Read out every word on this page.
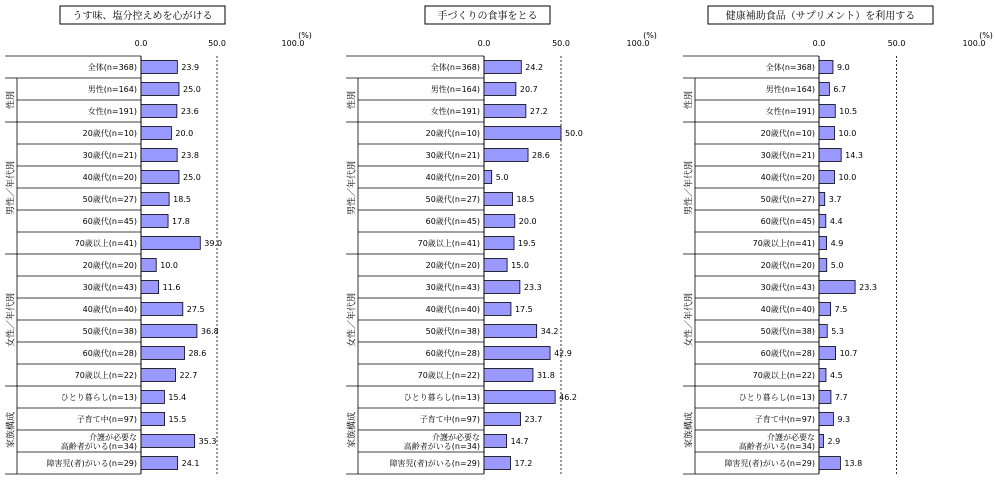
うす味、塩分控えめを心がける
0.0	50.0	100.0
(%)
性別
男性／年代別
女性／年代別
家族構成
全体(n=368)	23.9
男性(n=164)	25.0
女性(n=191)	23.6
20歳代(n=10)	20.0
30歳代(n=21)	23.8
40歳代(n=20)	25.0
50歳代(n=27)	18.5
60歳代(n=45)	17.8
70歳以上(n=41)	39.0
20歳代(n=20)	10.0
30歳代(n=43)	11.6
40歳代(n=40)	27.5
50歳代(n=38)	36.8
60歳代(n=28)	28.6
70歳以上(n=22)	22.7
ひとり暮らし(n=13)	15.4
子育て中(n=97)	15.5
介護が必要な
高齢者がいる(n=34)
35.3
障害児(者)がいる(n=29)	24.1
手づくりの食事をとる
0.0	50.0	100.0
(%)
性別
男性／年代別
女性／年代別
家族構成
全体(n=368)	24.2
男性(n=164)	20.7
女性(n=191)	27.2
20歳代(n=10)	50.0
30歳代(n=21)	28.6
40歳代(n=20) 5.0
50歳代(n=27)	18.5
60歳代(n=45)	20.0
70歳以上(n=41)	19.5
20歳代(n=20)	15.0
30歳代(n=43)	23.3
40歳代(n=40)	17.5
50歳代(n=38)	34.2
60歳代(n=28)	42.9
70歳以上(n=22)	31.8
ひとり暮らし(n=13)	46.2
子育て中(n=97)	23.7
介護が必要な
高齢者がいる(n=34)
14.7
障害児(者)がいる(n=29)	17.2
健康補助食品（サプリメント）を利用する
0.0	50.0	100.0
(%)
性別
男性／年代別
女性／年代別
家族構成
全体(n=368)	9.0
男性(n=164) 6.7
女性(n=191)	10.5
20歳代(n=10)	10.0
30歳代(n=21)	14.3
40歳代(n=20)	10.0
50歳代(n=27) 3.7
60歳代(n=45) 4.4
70歳以上(n=41) 4.9
20歳代(n=20) 5.0
30歳代(n=43)	23.3
40歳代(n=40) 7.5
50歳代(n=38) 5.3
60歳代(n=28)	10.7
70歳以上(n=22) 4.5
ひとり暮らし(n=13) 7.7
子育て中(n=97)	9.3
介護が必要な
高齢者がいる(n=34)
2.9
障害児(者)がいる(n=29)	13.8
